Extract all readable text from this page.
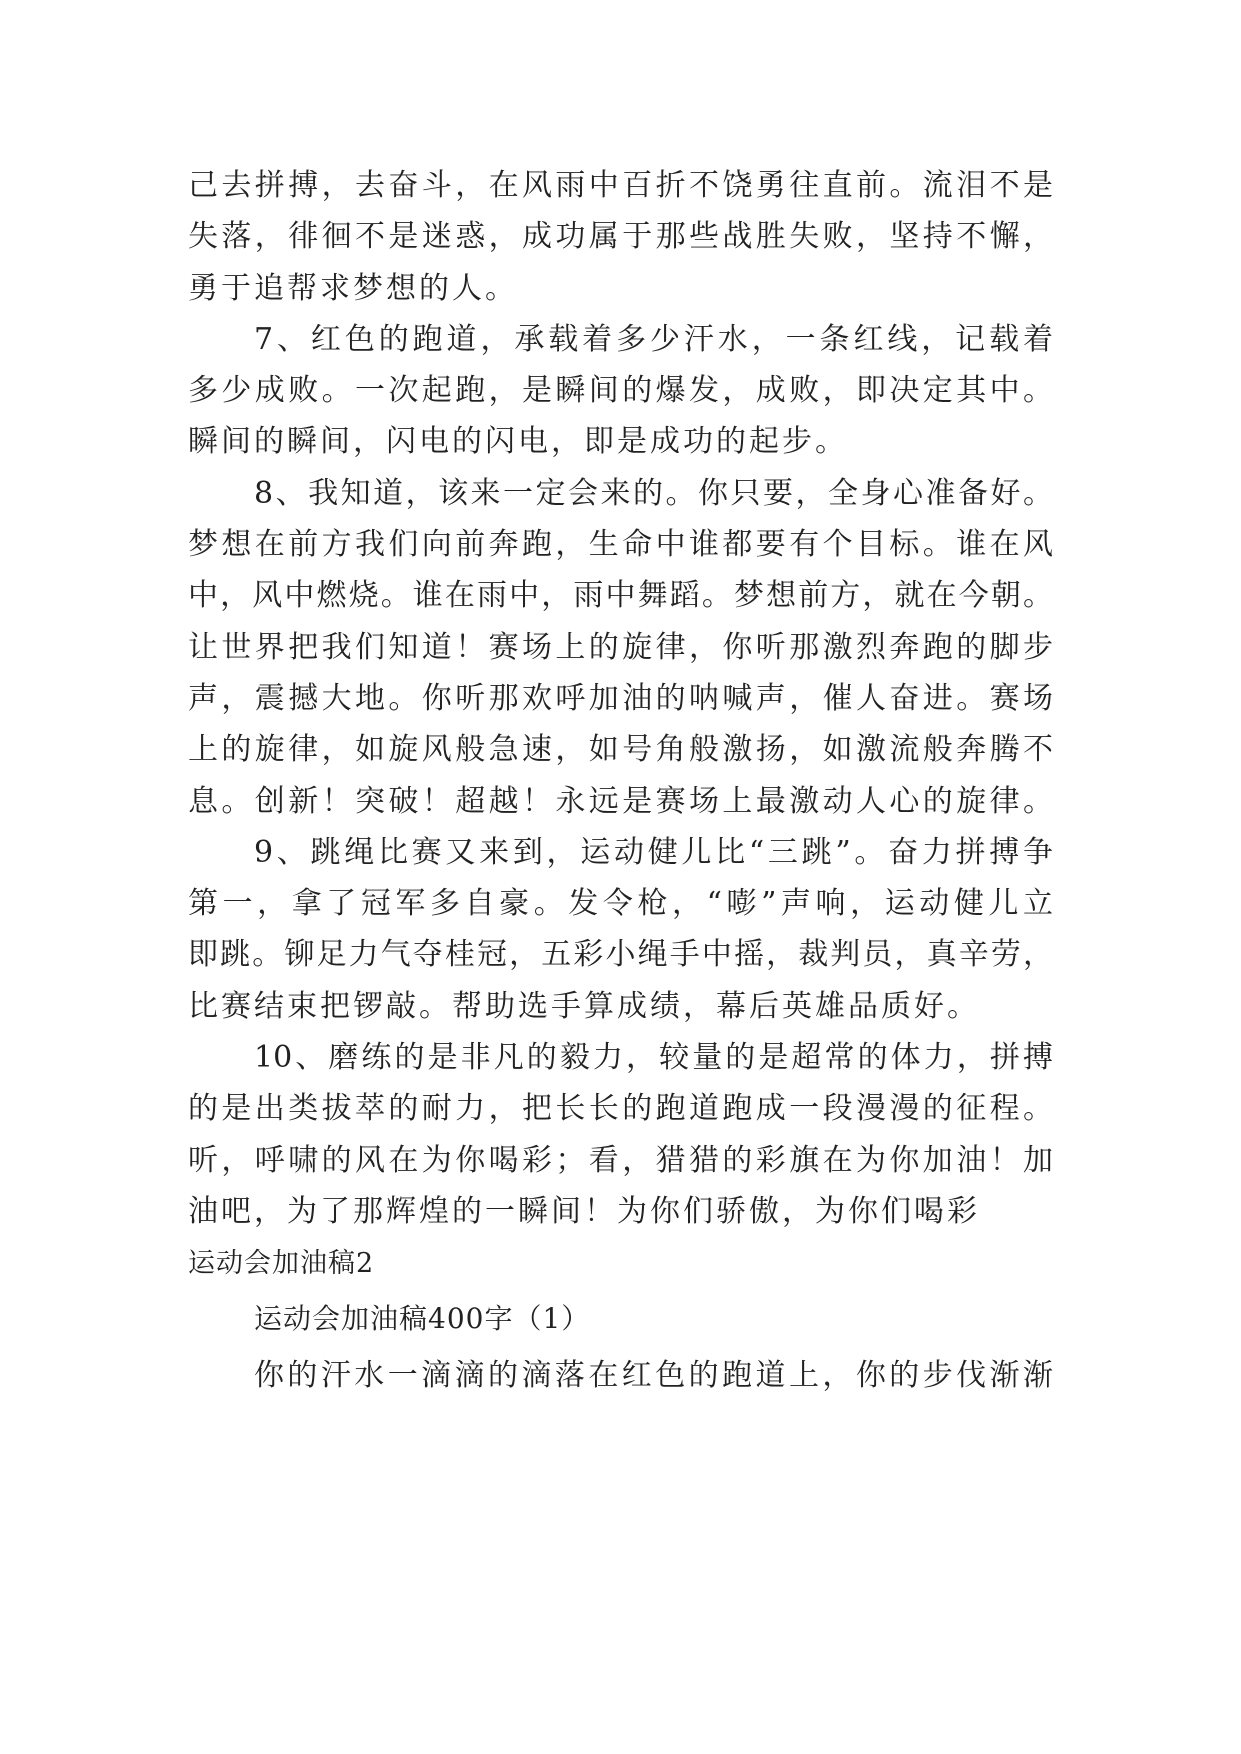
己去拼搏，去奋斗，在风雨中百折不饶勇往直前。流泪不是
失落，徘徊不是迷惑，成功属于那些战胜失败，坚持不懈，
勇于追帮求梦想的人。
7、红色的跑道，承载着多少汗水，一条红线，记载着
多少成败。一次起跑，是瞬间的爆发，成败，即决定其中。
瞬间的瞬间，闪电的闪电，即是成功的起步。
8、我知道，该来一定会来的。你只要，全身心准备好。
梦想在前方我们向前奔跑，生命中谁都要有个目标。谁在风
中，风中燃烧。谁在雨中，雨中舞蹈。梦想前方，就在今朝。
让世界把我们知道！赛场上的旋律，你听那激烈奔跑的脚步
声，震撼大地。你听那欢呼加油的呐喊声，催人奋进。赛场
上的旋律，如旋风般急速，如号角般激扬，如激流般奔腾不
息。创新！突破！超越！永远是赛场上最激动人心的旋律。
9、跳绳比赛又来到，运动健儿比“三跳”。奋力拼搏争
第一，拿了冠军多自豪。发令枪，“嘭”声响，运动健儿立
即跳。铆足力气夺桂冠，五彩小绳手中摇，裁判员，真辛劳，
比赛结束把锣敲。帮助选手算成绩，幕后英雄品质好。
10、磨练的是非凡的毅力，较量的是超常的体力，拼搏
的是出类拔萃的耐力，把长长的跑道跑成一段漫漫的征程。
听，呼啸的风在为你喝彩；看，猎猎的彩旗在为你加油！加
油吧，为了那辉煌的一瞬间！为你们骄傲，为你们喝彩
运动会加油稿2
运动会加油稿400字（1）
你的汗水一滴滴的滴落在红色的跑道上，你的步伐渐渐
